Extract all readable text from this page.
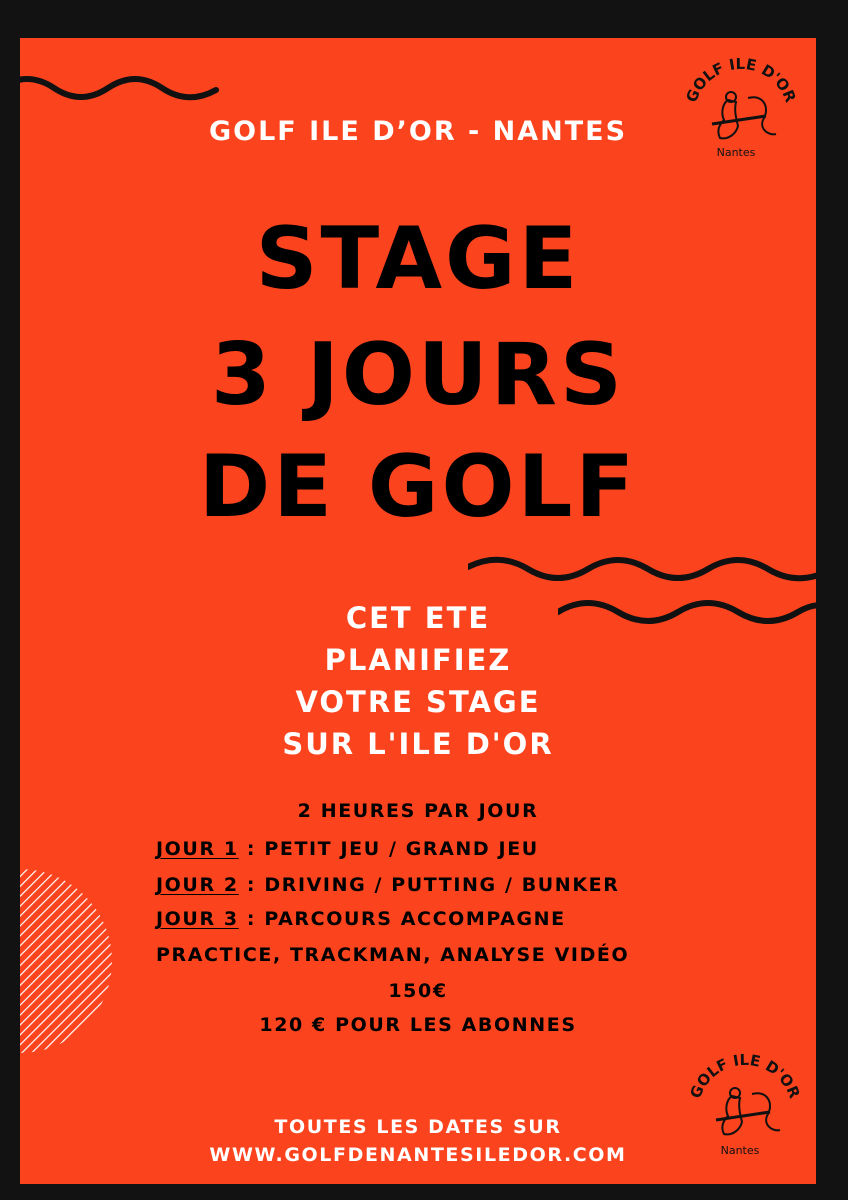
GOLF ILE D'OR
Nantes
GOLF ILE D'OR
Nantes
GOLF ILE D’OR - NANTES
STAGE
3 JOURS
DE GOLF
CET ETE
PLANIFIEZ
VOTRE STAGE
SUR L'ILE D'OR
2 HEURES PAR JOUR
JOUR 1 : PETIT JEU / GRAND JEU
JOUR 2 : DRIVING / PUTTING / BUNKER
JOUR 3 : PARCOURS ACCOMPAGNE
PRACTICE, TRACKMAN, ANALYSE VIDÉO
150€
120 € POUR LES ABONNES
TOUTES LES DATES SUR
WWW.GOLFDENANTESILEDOR.COM
